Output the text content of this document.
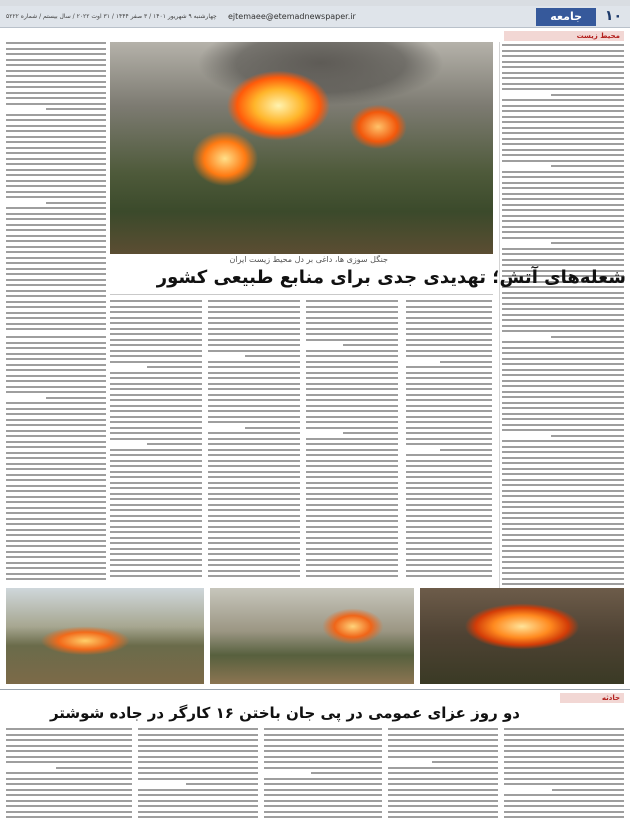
۱۰
جامعه
ejtemaee@etemadnewspaper.ir
چهارشنبه ۹ شهریور ۱۴۰۱ / ۳ صفر ۱۴۴۴ / ۳۱ اوت ۲۰۲۲ / سال بیستم / شماره ۵۲۲۲
محیط زیست
جنگل سوزی ها، داغی بر دل محیط زیست ایران
شعله‌های آتش؛ تهدیدی جدی برای منابع طبیعی کشور
حادثه
دو روز عزای عمومی در پی جان باختن ۱۶ کارگر در جاده شوشتر
